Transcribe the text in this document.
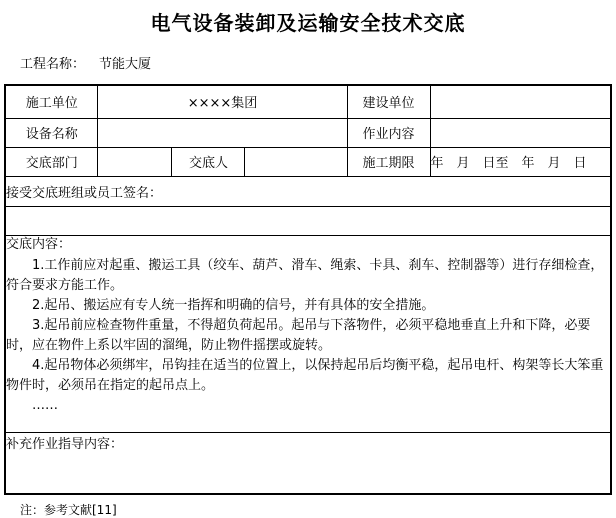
电气设备装卸及运输安全技术交底
工程名称： 节能大厦
施工单位	××××集团			建设单位	
设备名称				作业内容	
交底部门		交底人		施工期限	年　月　日至　年　月　日
接受交底班组或员工签名：					

交底内容：

1.工作前应对起重、搬运工具（绞车、葫芦、滑车、绳索、卡具、刹车、控制器等）进行存细检查，符合要求方能工作。

2.起吊、搬运应有专人统一指挥和明确的信号，并有具体的安全措施。

3.起吊前应检查物件重量，不得超负荷起吊。起吊与下落物件，必须平稳地垂直上升和下降，必要时，应在物件上系以牢固的溜绳，防止物件摇摆或旋转。

4.起吊物体必须绑牢，吊钩挂在适当的位置上，以保持起吊后均衡平稳，起吊电杆、构架等长大笨重物件时，必须吊在指定的起吊点上。

……

补充作业指导内容：					
注：参考文献[11]
